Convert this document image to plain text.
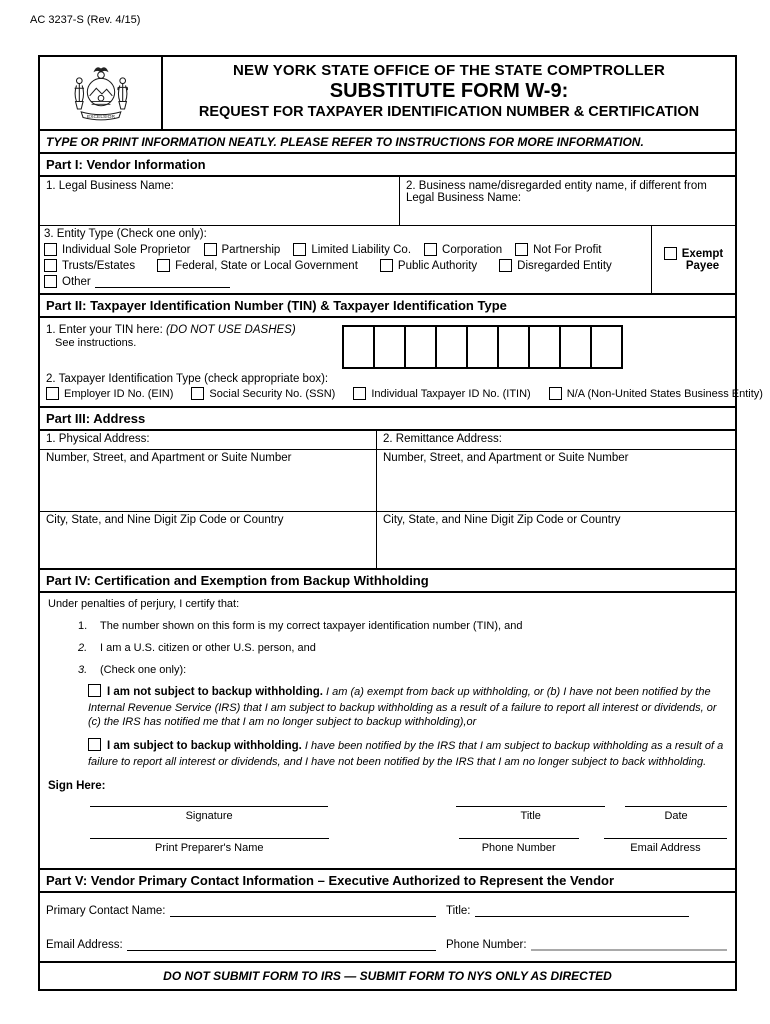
AC 3237-S (Rev. 4/15)
EXCELSIOR
NEW YORK STATE OFFICE OF THE STATE COMPTROLLER
SUBSTITUTE FORM W-9:
REQUEST FOR TAXPAYER IDENTIFICATION NUMBER & CERTIFICATION
TYPE OR PRINT INFORMATION NEATLY. PLEASE REFER TO INSTRUCTIONS FOR MORE INFORMATION.
Part I: Vendor Information
1. Legal Business Name:	2. Business name/disregarded entity name, if different from Legal Business Name:
3. Entity Type (Check one only):
Individual Sole Proprietor	Partnership	Limited Liability Co.	Corporation	Not For Profit
Trusts/Estates	Federal, State or Local Government	Public Authority	Disregarded Entity
Other
Exempt
Payee
Part II: Taxpayer Identification Number (TIN) & Taxpayer Identification Type
1. Enter your TIN here: (DO NOT USE DASHES)
See instructions.
2. Taxpayer Identification Type (check appropriate box):
Employer ID No. (EIN)	Social Security No. (SSN)	Individual Taxpayer ID No. (ITIN)	N/A (Non-United States Business Entity)
Part III: Address
1. Physical Address:	2. Remittance Address:
Number, Street, and Apartment or Suite Number	Number, Street, and Apartment or Suite Number
City, State, and Nine Digit Zip Code or Country	City, State, and Nine Digit Zip Code or Country
Part IV: Certification and Exemption from Backup Withholding
Under penalties of perjury, I certify that:
1.	The number shown on this form is my correct taxpayer identification number (TIN), and
2.	I am a U.S. citizen or other U.S. person, and
3.	(Check one only):
I am not subject to backup withholding. I am (a) exempt from back up withholding, or (b) I have not been notified by the Internal Revenue Service (IRS) that I am subject to backup withholding as a result of a failure to report all interest or dividends, or (c) the IRS has notified me that I am no longer subject to backup withholding),or
I am subject to backup withholding. I have been notified by the IRS that I am subject to backup withholding as a result of a failure to report all interest or dividends, and I have not been notified by the IRS that I am no longer subject to back withholding.
Sign Here:
Signature	Title	Date
Print Preparer's Name	Phone Number	Email Address
Part V: Vendor Primary Contact Information – Executive Authorized to Represent the Vendor
Primary Contact Name:	Title:
Email Address:	Phone Number:
DO NOT SUBMIT FORM TO IRS — SUBMIT FORM TO NYS ONLY AS DIRECTED
